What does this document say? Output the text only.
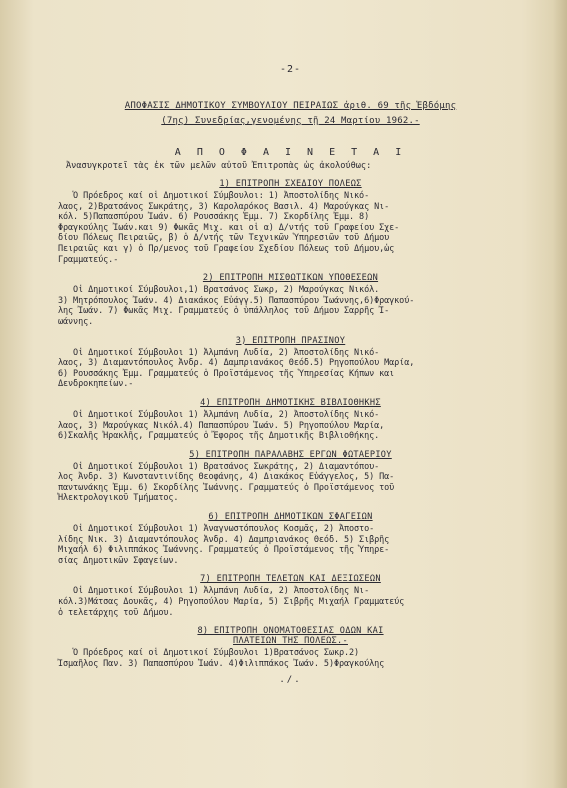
-2-
ΑΠΟΦΑΣΙΣ ΔΗΜΟΤΙΚΟΥ ΣΥΜΒΟΥΛΙΟΥ ΠΕΙΡΑΙΩΣ ἀριθ. 69 τῆς Ἑβδόμης
(7ης) Συνεδρίας,γενομένης τῇ 24 Μαρτίου 1962.-
Α Π Ο Φ Α Ι Ν Ε Τ Α Ι
Ἀνασυγκροτεῖ τὰς ἐκ τῶν μελῶν αὐτοῦ Ἐπιτροπὰς ὡς ἀκολούθως:
1) ΕΠΙΤΡΟΠΗ ΣΧΕΔΙΟΥ ΠΟΛΕΩΣ
Ὁ Πρόεδρος καί οἱ Δημοτικοί Σύμβουλοι: 1) Ἀποστολίδης Νικό-
λαος, 2)Βρατσάνος Σωκράτης, 3) Καρολαρόκος Βασιλ. 4) Μαρούγκας Νι-
κόλ. 5)Παπασπύρου Ἰωάν. 6) Ρουσσάκης Ἐμμ. 7) Σκορδίλης Ἐμμ. 8)
Φραγκούλης Ἰωάν.και 9) Φωκᾶς Μιχ. και οἱ α) Δ/ντής τοῦ Γραφείου Σχε-
δίου Πόλεως Πειραιῶς, β) ὁ Δ/ντής τῶν Τεχνικῶν Ὑπηρεσιῶν τοῦ Δήμου
Πειραιῶς και γ) ὁ Πρ/μενος τοῦ Γραφείου Σχεδίου Πόλεως τοῦ Δήμου,ὡς
Γραμματεύς.-
2) ΕΠΙΤΡΟΠΗ ΜΙΣΘΩΤΙΚΩΝ ΥΠΟΘΕΣΕΩΝ
Οἱ Δημοτικοί Σύμβουλοι,1) Βρατσάνος Σωκρ, 2) Μαρούγκας Νικόλ.
3) Μητρόπουλος Ἰωάν. 4) Διακάκος Εὐάγγ.5) Παπασπύρου Ἰωάννης,6)Φραγκού-
λης Ἰωάν. 7) Φωκᾶς Μιχ. Γραμματεύς ὁ ὑπάλληλος τοῦ Δήμου Σαρρῆς Ἰ-
ωάννης.
3) ΕΠΙΤΡΟΠΗ ΠΡΑΣΙΝΟΥ
Οἱ Δημοτικοί Σύμβουλοι 1) Ἀλμπάνη Λυδία, 2) Ἀποστολίδης Νικό-
λαος, 3) Διαμαντόπουλος Ἀνδρ. 4) Δαμπριανάκος Θεόδ.5) Ρηγοπούλου Μαρία,
6) Ρουσσάκης Ἐμμ. Γραμματεύς ὁ Προϊστάμενος τῆς Ὑπηρεσίας Κήπων και
Δενδροκηπείων.-
4) ΕΠΙΤΡΟΠΗ ΔΗΜΟΤΙΚΗΣ ΒΙΒΛΙΟΘΗΚΗΣ
Οἱ Δημοτικοί Σύμβουλοι 1) Ἀλμπάνη Λυδία, 2) Ἀποστολίδης Νικό-
λαος, 3) Μαρούγκας Νικόλ.4) Παπασπύρου Ἰωάν. 5) Ρηγοπούλου Μαρία,
6)Σκαλῆς Ἠρακλῆς, Γραμματεύς ὁ Ἔφορος τῆς Δημοτικῆς Βιβλιοθήκης.
5) ΕΠΙΤΡΟΠΗ ΠΑΡΑΛΑΒΗΣ ΕΡΓΩΝ ΦΩΤΑΕΡΙΟΥ
Οἱ Δημοτικοί Σύμβουλοι 1) Βρατσάνος Σωκράτης, 2) Διαμαντόπου-
λος Ἀνδρ. 3) Κωνσταντινίδης Θεοφάνης, 4) Διακάκος Εὐάγγελος, 5) Πα-
παντωνάκης Ἐμμ. 6) Σκορδίλης Ἰωάννης. Γραμματεύς ὁ Προϊστάμενος τοῦ
Ἠλεκτρολογικοῦ Τμήματος.
6) ΕΠΙΤΡΟΠΗ ΔΗΜΟΤΙΚΩΝ ΣΦΑΓΕΙΩΝ
Οἱ Δημοτικοί Σύμβουλοι 1) Ἀναγνωστόπουλος Κοσμᾶς, 2) Ἀποστο-
λίδης Νικ. 3) Διαμαντόπουλος Ἀνδρ. 4) Δαμπριανάκος Θεόδ. 5) Σιβρῆς
Μιχαήλ 6) Φιλιππάκος Ἰωάννης. Γραμματεύς ὁ Προϊστάμενος τῆς Ὑπηρε-
σίας Δημοτικῶν Σφαγείων.
7) ΕΠΙΤΡΟΠΗ ΤΕΛΕΤΩΝ ΚΑΙ ΔΕΞΙΩΣΕΩΝ
Οἱ Δημοτικοί Σύμβουλοι 1) Ἀλμπάνη Λυδία, 2) Ἀποστολίδης Νι-
κόλ.3)Μάτσας Δουκᾶς, 4) Ρηγοπούλου Μαρία, 5) Σιβρῆς Μιχαήλ Γραμματεύς
ὁ τελετάρχης τοῦ Δήμου.
8) ΕΠΙΤΡΟΠΗ ΟΝΟΜΑΤΟΘΕΣΙΑΣ ΟΔΩΝ ΚΑΙ
ΠΛΑΤΕΙΩΝ ΤΗΣ ΠΟΛΕΩΣ.-
Ὁ Πρόεδρος καί οἱ Δημοτικοί Σύμβουλοι 1)Βρατσάνος Σωκρ.2)
Ἰσμαῆλος Παν. 3) Παπασπύρου Ἰωάν. 4)Φιλιππάκος Ἰωάν. 5)Φραγκούλης
./.
